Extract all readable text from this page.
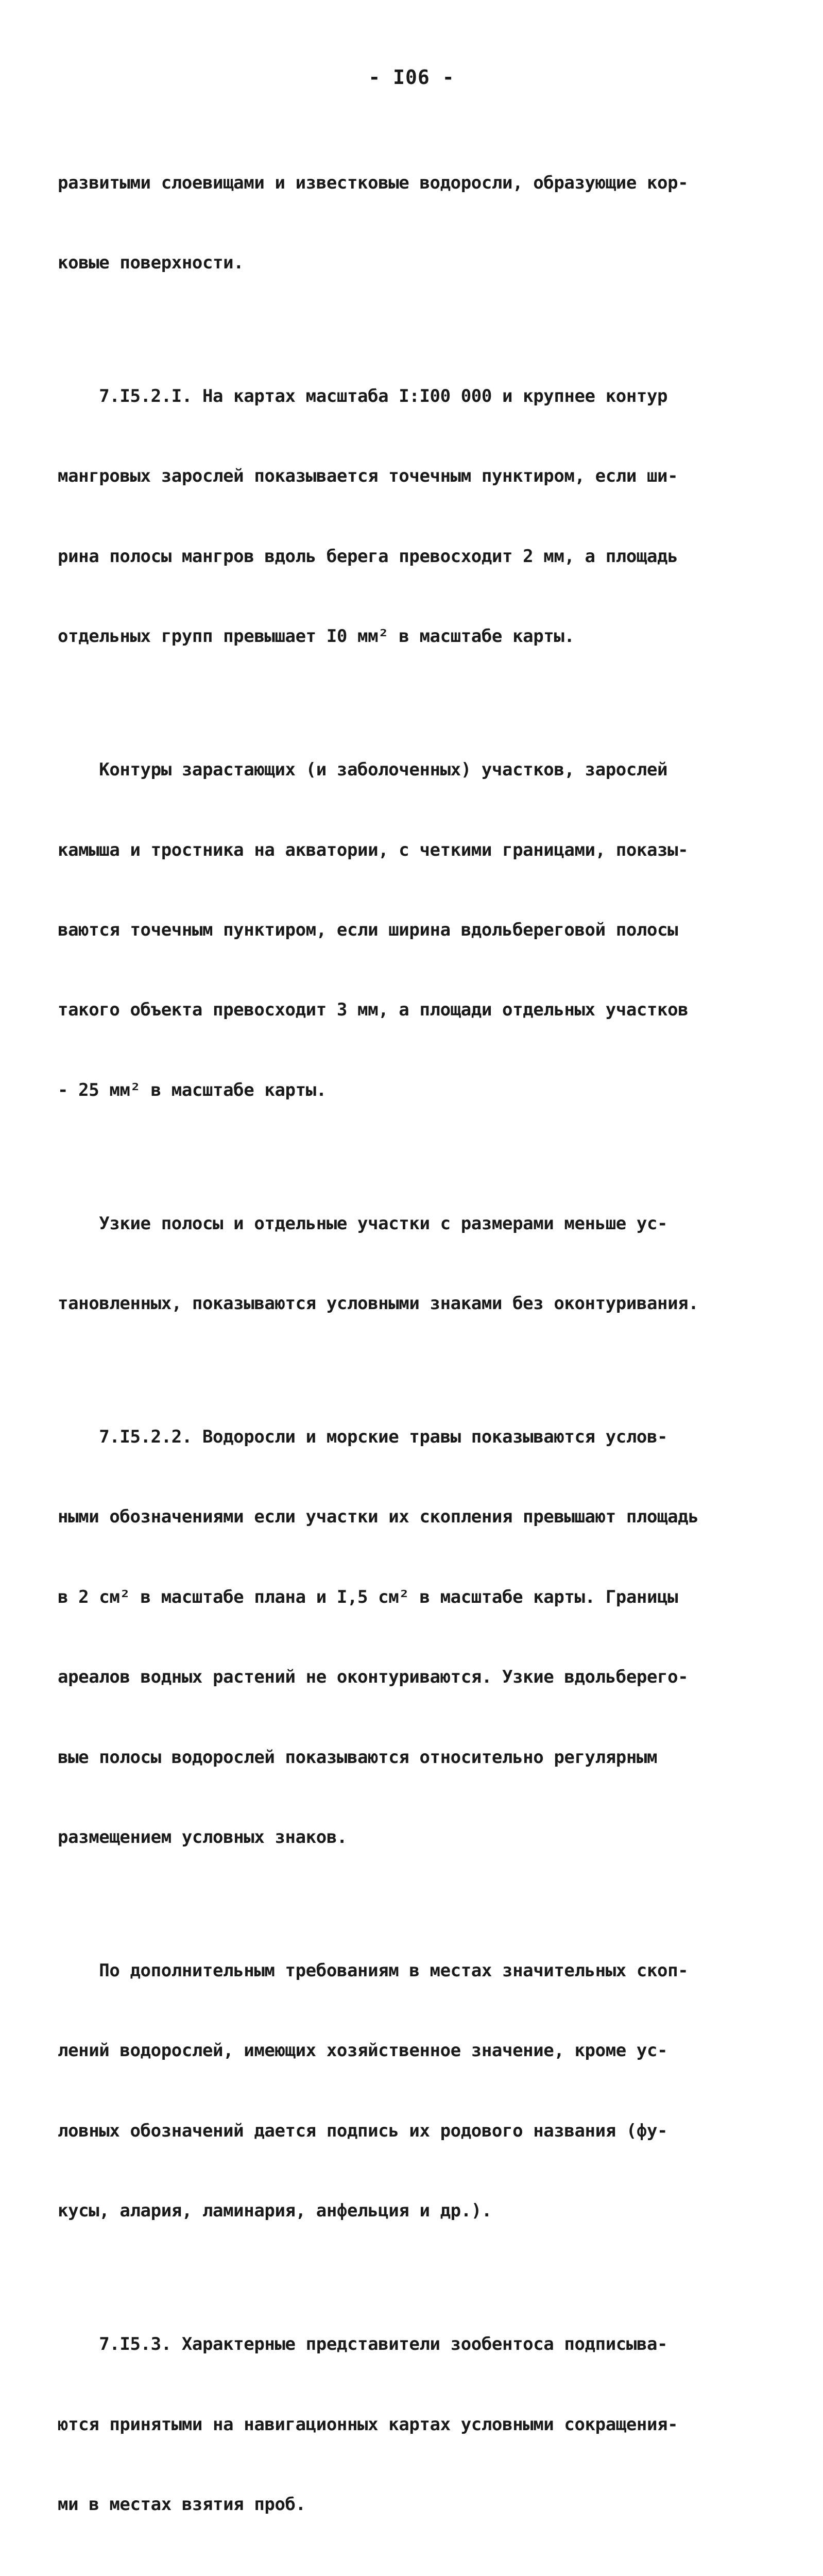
- I06 -

развитыми слоевищами и известковые водоросли, образующие кор-

ковые поверхности.

7.I5.2.I. На картах масштаба I:I00 000 и крупнее контур

мангровых зарослей показывается точечным пунктиром, если ши-

рина полосы мангров вдоль берега превосходит 2 мм, а площадь

отдельных групп превышает I0 мм² в масштабе карты.

Контуры зарастающих (и заболоченных) участков, зарослей

камыша и тростника на акватории, с четкими границами, показы-

ваются точечным пунктиром, если ширина вдольбереговой полосы

такого объекта превосходит 3 мм, а площади отдельных участков

- 25 мм² в масштабе карты.

Узкие полосы и отдельные участки с размерами меньше ус-

тановленных, показываются условными знаками без оконтуривания.

7.I5.2.2. Водоросли и морские травы показываются услов-

ными обозначениями если участки их скопления превышают площадь

в 2 см² в масштабе плана и I,5 см² в масштабе карты. Границы

ареалов водных растений не оконтуриваются. Узкие вдольберего-

вые полосы водорослей показываются относительно регулярным

размещением условных знаков.

По дополнительным требованиям в местах значительных скоп-

лений водорослей, имеющих хозяйственное значение, кроме ус-

ловных обозначений дается подпись их родового названия (фу-

кусы, алария, ламинария, анфельция и др.).

7.I5.3. Характерные представители зообентоса подписыва-

ются принятыми на навигационных картах условными сокращения-

ми в местах взятия проб.
